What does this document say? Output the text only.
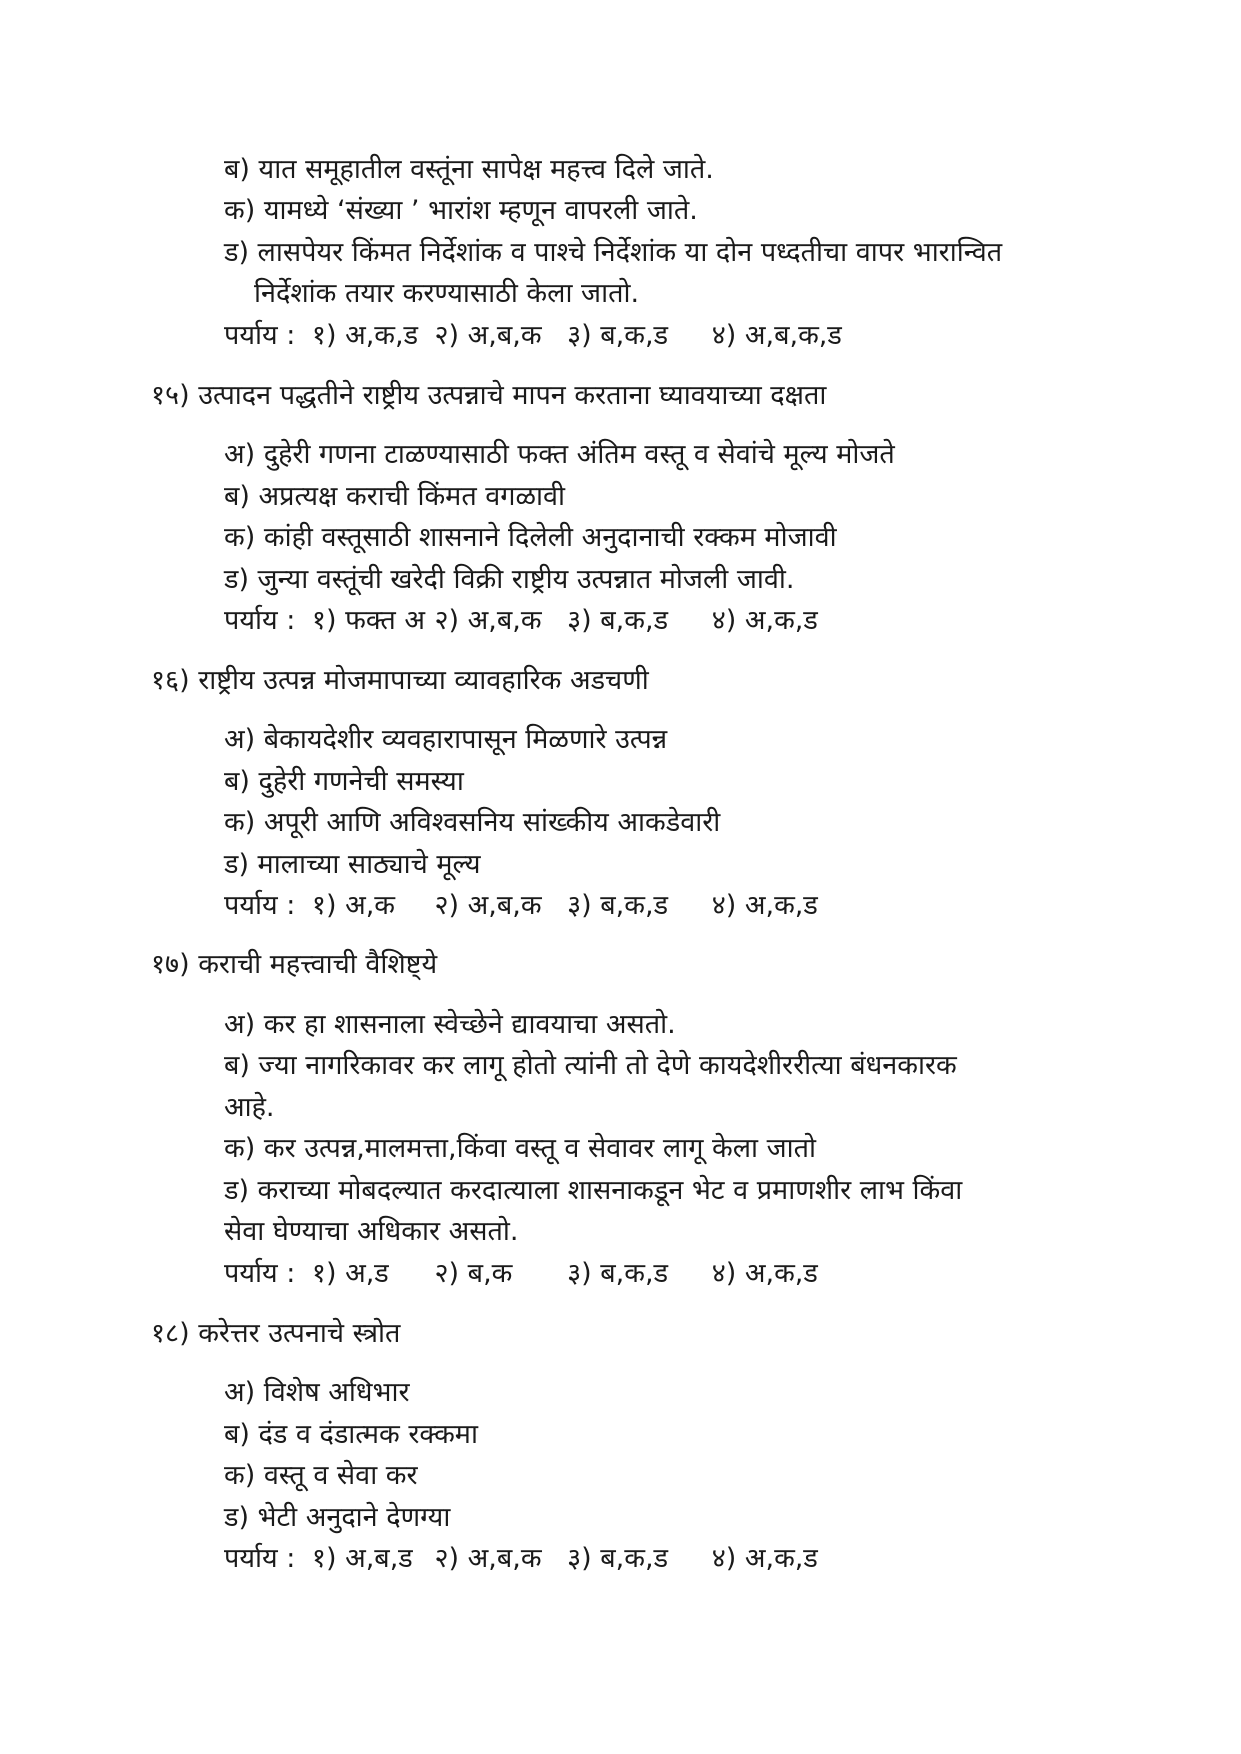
ब) यात समूहातील वस्तूंना सापेक्ष महत्त्व दिले जाते.

क) यामध्ये ‘संख्या ’ भारांश म्हणून वापरली जाते.

ड) लासपेयर किंमत निर्देशांक व पाश्चे निर्देशांक या दोन पध्दतीचा वापर भारान्वित

निर्देशांक तयार करण्यासाठी केला जातो.

पर्याय : १) अ,क,ड २) अ,ब,क ३) ब,क,ड ४) अ,ब,क,ड

१५) उत्पादन पद्धतीने राष्ट्रीय उत्पन्नाचे मापन करताना घ्यावयाच्या दक्षता

अ) दुहेरी गणना टाळण्यासाठी फक्त अंतिम वस्तू व सेवांचे मूल्य मोजते

ब) अप्रत्यक्ष कराची किंमत वगळावी

क) कांही वस्तूसाठी शासनाने दिलेली अनुदानाची रक्कम मोजावी

ड) जुन्या वस्तूंची खरेदी विक्री राष्ट्रीय उत्पन्नात मोजली जावी.

पर्याय : १) फक्त अ २) अ,ब,क ३) ब,क,ड ४) अ,क,ड

१६) राष्ट्रीय उत्पन्न मोजमापाच्या व्यावहारिक अडचणी

अ) बेकायदेशीर व्यवहारापासून मिळणारे उत्पन्न

ब) दुहेरी गणनेची समस्या

क) अपूरी आणि अविश्वसनिय सांख्कीय आकडेवारी

ड) मालाच्या साठ्याचे मूल्य

पर्याय : १) अ,क २) अ,ब,क ३) ब,क,ड ४) अ,क,ड

१७) कराची महत्त्वाची वैशिष्ट्ये

अ) कर हा शासनाला स्वेच्छेने द्यावयाचा असतो.

ब) ज्या नागरिकावर कर लागू होतो त्यांनी तो देणे कायदेशीररीत्या बंधनकारक

आहे.

क) कर उत्पन्न,मालमत्ता,किंवा वस्तू व सेवावर लागू केला जातो

ड) कराच्या मोबदल्यात करदात्याला शासनाकडून भेट व प्रमाणशीर लाभ किंवा

सेवा घेण्याचा अधिकार असतो.

पर्याय : १) अ,ड २) ब,क ३) ब,क,ड ४) अ,क,ड

१८) करेत्तर उत्पनाचे स्त्रोत

अ) विशेष अधिभार

ब) दंड व दंडात्मक रक्कमा

क) वस्तू व सेवा कर

ड) भेटी अनुदाने देणग्या

पर्याय : १) अ,ब,ड २) अ,ब,क ३) ब,क,ड ४) अ,क,ड
